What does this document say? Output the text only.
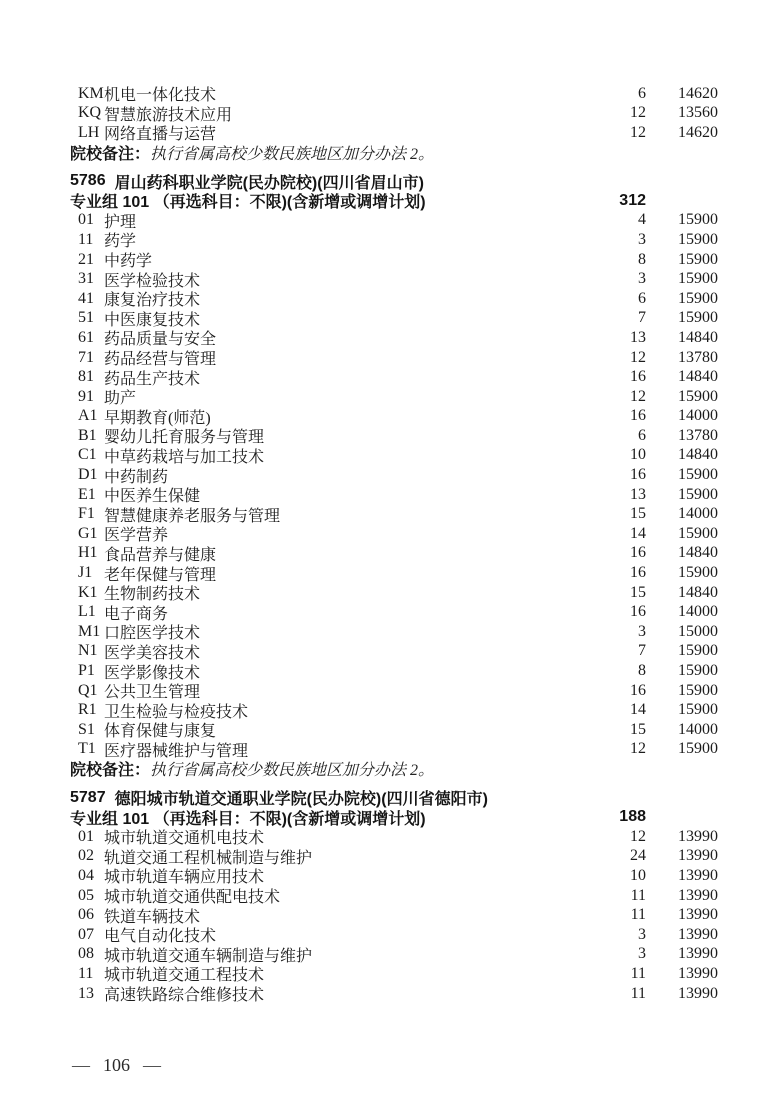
KM 机电一体化技术	6	14620
KQ 智慧旅游技术应用	12	13560
LH 网络直播与运营	12	14620
院校备注： 执行省属高校少数民族地区加分办法 2。
5786 眉山药科职业学院(民办院校)(四川省眉山市)
专业组 101 （再选科目：不限)(含新增或调增计划)	312
01 护理	4	15900
11 药学	3	15900
21 中药学	8	15900
31 医学检验技术	3	15900
41 康复治疗技术	6	15900
51 中医康复技术	7	15900
61 药品质量与安全	13	14840
71 药品经营与管理	12	13780
81 药品生产技术	16	14840
91 助产	12	15900
A1 早期教育(师范)	16	14000
B1 婴幼儿托育服务与管理	6	13780
C1 中草药栽培与加工技术	10	14840
D1 中药制药	16	15900
E1 中医养生保健	13	15900
F1 智慧健康养老服务与管理	15	14000
G1 医学营养	14	15900
H1 食品营养与健康	16	14840
J1 老年保健与管理	16	15900
K1 生物制药技术	15	14840
L1 电子商务	16	14000
M1 口腔医学技术	3	15000
N1 医学美容技术	7	15900
P1 医学影像技术	8	15900
Q1 公共卫生管理	16	15900
R1 卫生检验与检疫技术	14	15900
S1 体育保健与康复	15	14000
T1 医疗器械维护与管理	12	15900
院校备注： 执行省属高校少数民族地区加分办法 2。
5787 德阳城市轨道交通职业学院(民办院校)(四川省德阳市)
专业组 101 （再选科目：不限)(含新增或调增计划)	188
01 城市轨道交通机电技术	12	13990
02 轨道交通工程机械制造与维护	24	13990
04 城市轨道车辆应用技术	10	13990
05 城市轨道交通供配电技术	11	13990
06 铁道车辆技术	11	13990
07 电气自动化技术	3	13990
08 城市轨道交通车辆制造与维护	3	13990
11 城市轨道交通工程技术	11	13990
13 高速铁路综合维修技术	11	13990
— 106 —
